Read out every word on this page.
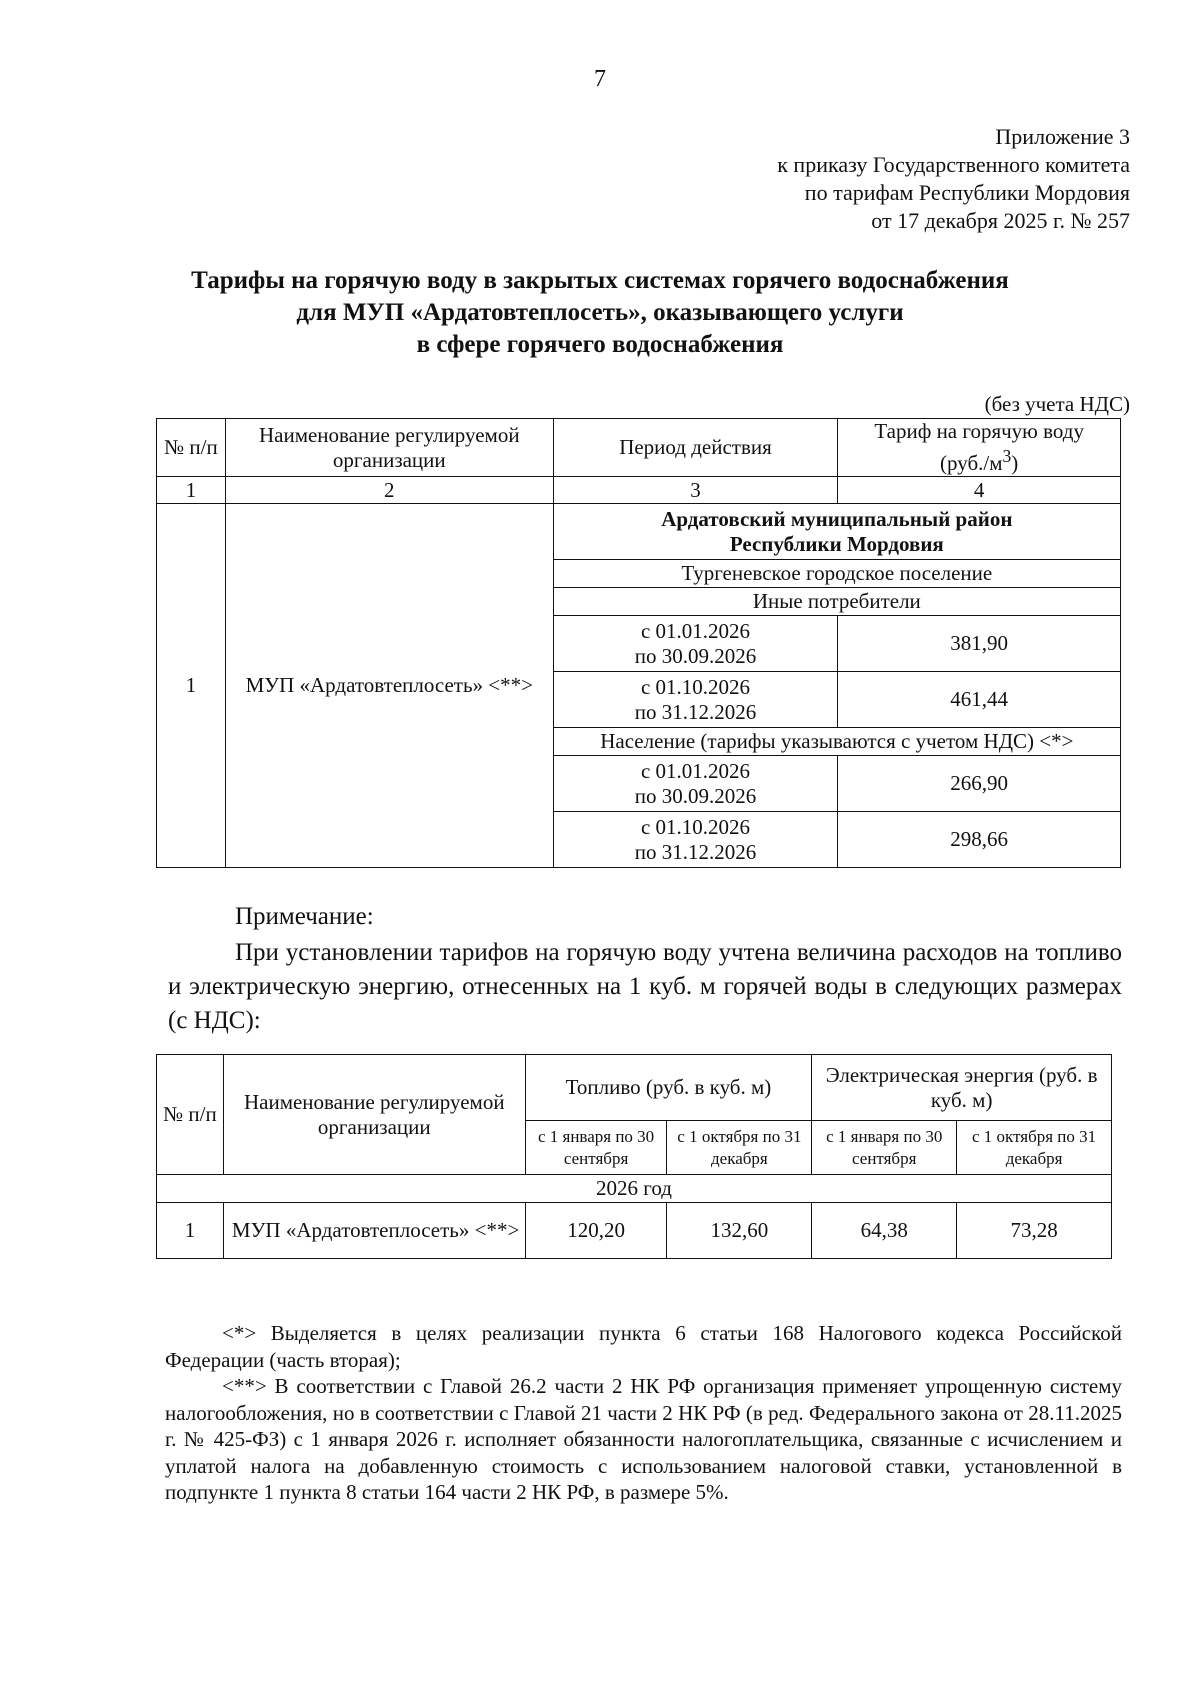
7
Приложение 3
к приказу Государственного комитета
по тарифам Республики Мордовия
от 17 декабря 2025 г. № 257
Тарифы на горячую воду в закрытых системах горячего водоснабжения
для МУП «Ардатовтеплосеть», оказывающего услуги
в сфере горячего водоснабжения
(без учета НДС)
№ п/п	Наименование регулируемой организации	Период действия	Тариф на горячую воду
$(руб./м^3)$
1	2	3	4
1	МУП «Ардатовтеплосеть» <**>	Ардатовский муниципальный район
Республики Мордовия	
		Тургеневское городское поселение	
		Иные потребители	
		с 01.01.2026
по 30.09.2026	381,90
		с 01.10.2026
по 31.12.2026	461,44
		Население (тарифы указываются с учетом НДС) <*>	
		с 01.01.2026
по 30.09.2026	266,90
		с 01.10.2026
по 31.12.2026	298,66
Примечание:
При установлении тарифов на горячую воду учтена величина расходов на топливо и электрическую энергию, отнесенных на 1 куб. м горячей воды в следующих размерах (с НДС):
№ п/п	Наименование регулируемой организации	Топливо (руб. в куб. м)		Электрическая энергия (руб. в куб. м)	
		с 1 января по 30 сентября	с 1 октября по 31 декабря	с 1 января по 30 сентября	с 1 октября по 31 декабря
2026 год					
1	МУП «Ардатовтеплосеть» <**>	120,20	132,60	64,38	73,28

<*> Выделяется в целях реализации пункта 6 статьи 168 Налогового кодекса Российской Федерации (часть вторая);

<**> В соответствии с Главой 26.2 части 2 НК РФ организация применяет упрощенную систему налогообложения, но в соответствии с Главой 21 части 2 НК РФ (в ред. Федерального закона от 28.11.2025 г. № 425-ФЗ) с 1 января 2026 г. исполняет обязанности налогоплательщика, связанные с исчислением и уплатой налога на добавленную стоимость с использованием налоговой ставки, установленной в подпункте 1 пункта 8 статьи 164 части 2 НК РФ, в размере 5%.
